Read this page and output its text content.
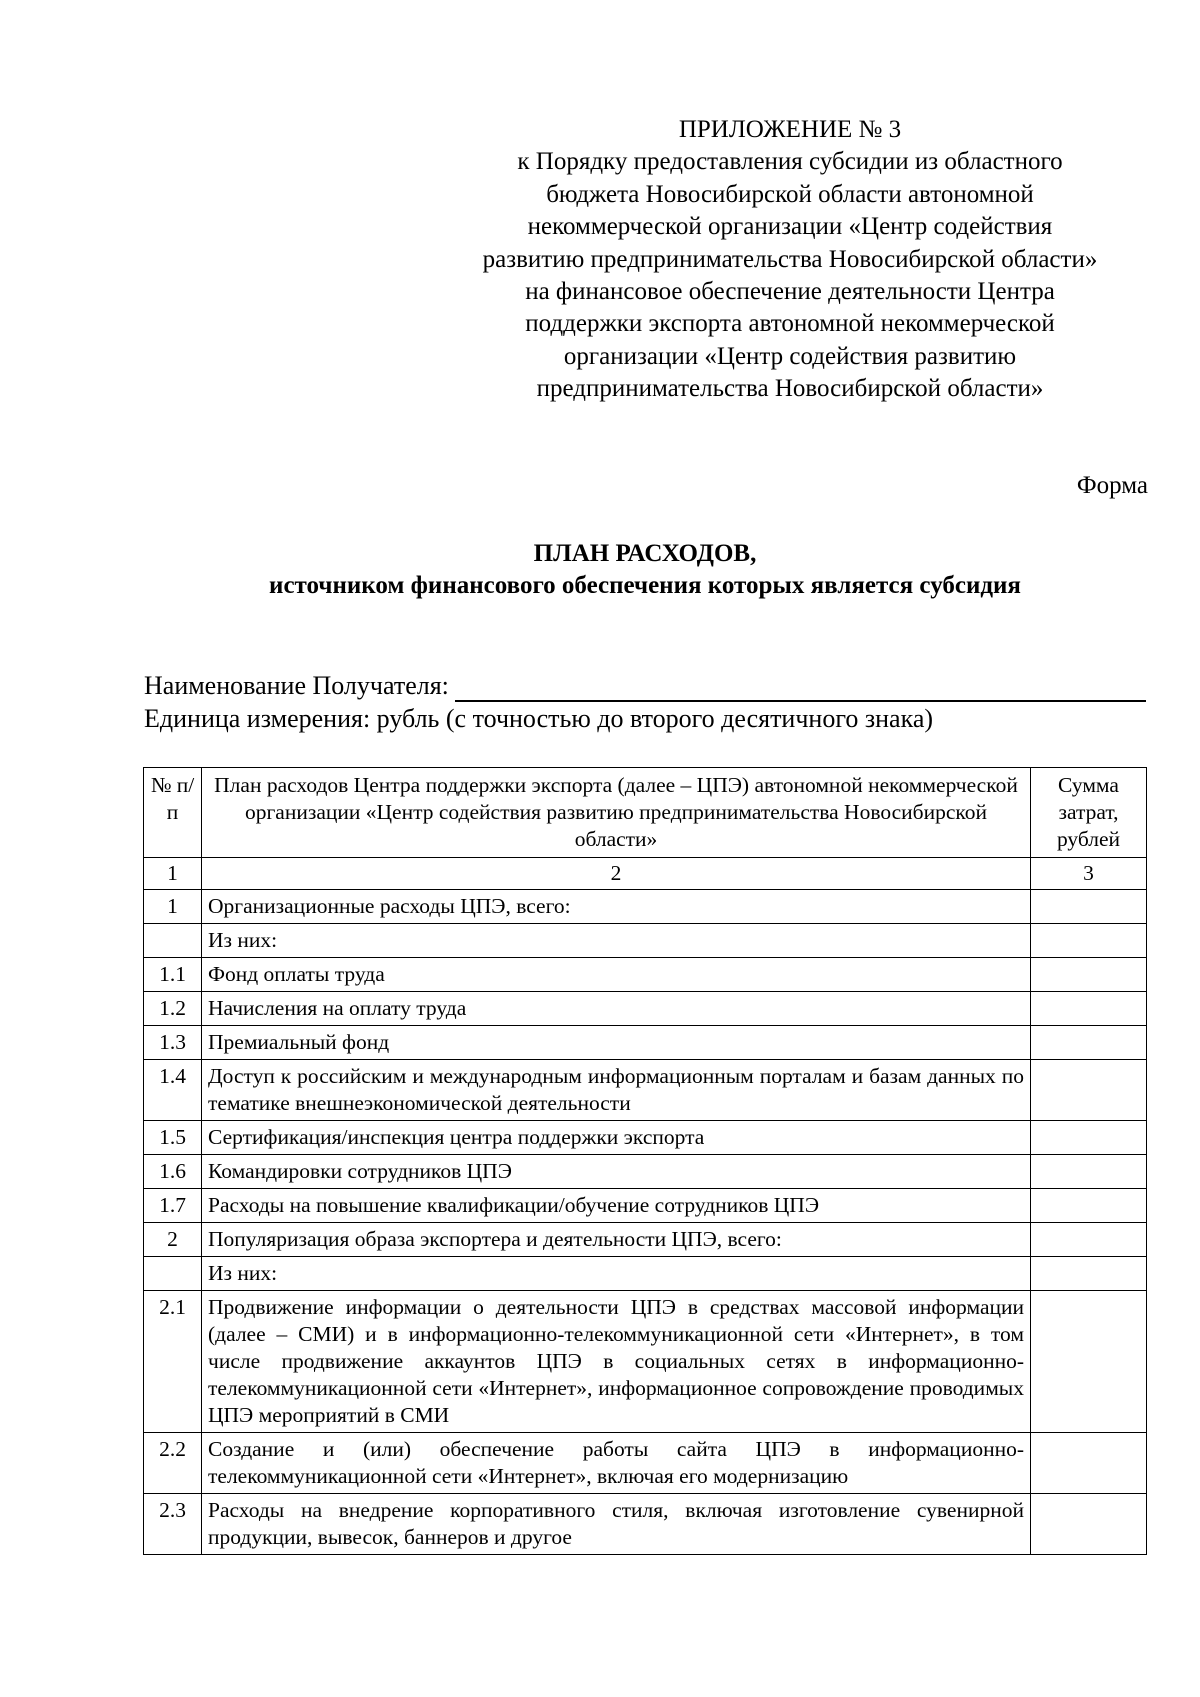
ПРИЛОЖЕНИЕ № 3
к Порядку предоставления субсидии из областного
бюджета Новосибирской области автономной
некоммерческой организации «Центр содействия
развитию предпринимательства Новосибирской области»
на финансовое обеспечение деятельности Центра
поддержки экспорта автономной некоммерческой
организации «Центр содействия развитию
предпринимательства Новосибирской области»
Форма
ПЛАН РАСХОДОВ,
источником финансового обеспечения которых является субсидия
Наименование Получателя:
Единица измерения: рубль (с точностью до второго десятичного знака)
№ п/п	План расходов Центра поддержки экспорта (далее – ЦПЭ) автономной некоммерческой организации «Центр содействия развитию предпринимательства Новосибирской области»	Сумма затрат, рублей
1	2	3
1	Организационные расходы ЦПЭ, всего:	
	Из них:	
1.1	Фонд оплаты труда	
1.2	Начисления на оплату труда	
1.3	Премиальный фонд	
1.4	Доступ к российским и международным информационным порталам и базам данных по тематике внешнеэкономической деятельности	
1.5	Сертификация/инспекция центра поддержки экспорта	
1.6	Командировки сотрудников ЦПЭ	
1.7	Расходы на повышение квалификации/обучение сотрудников ЦПЭ	
2	Популяризация образа экспортера и деятельности ЦПЭ, всего:	
	Из них:	
2.1	Продвижение информации о деятельности ЦПЭ в средствах массовой информации (далее – СМИ) и в информационно-телекоммуникационной сети «Интернет», в том числе продвижение аккаунтов ЦПЭ в социальных сетях в информационно-телекоммуникационной сети «Интернет», информационное сопровождение проводимых ЦПЭ мероприятий в СМИ	
2.2	Создание и (или) обеспечение работы сайта ЦПЭ в информационно-телекоммуникационной сети «Интернет», включая его модернизацию	
2.3	Расходы на внедрение корпоративного стиля, включая изготовление сувенирной продукции, вывесок, баннеров и другое	
